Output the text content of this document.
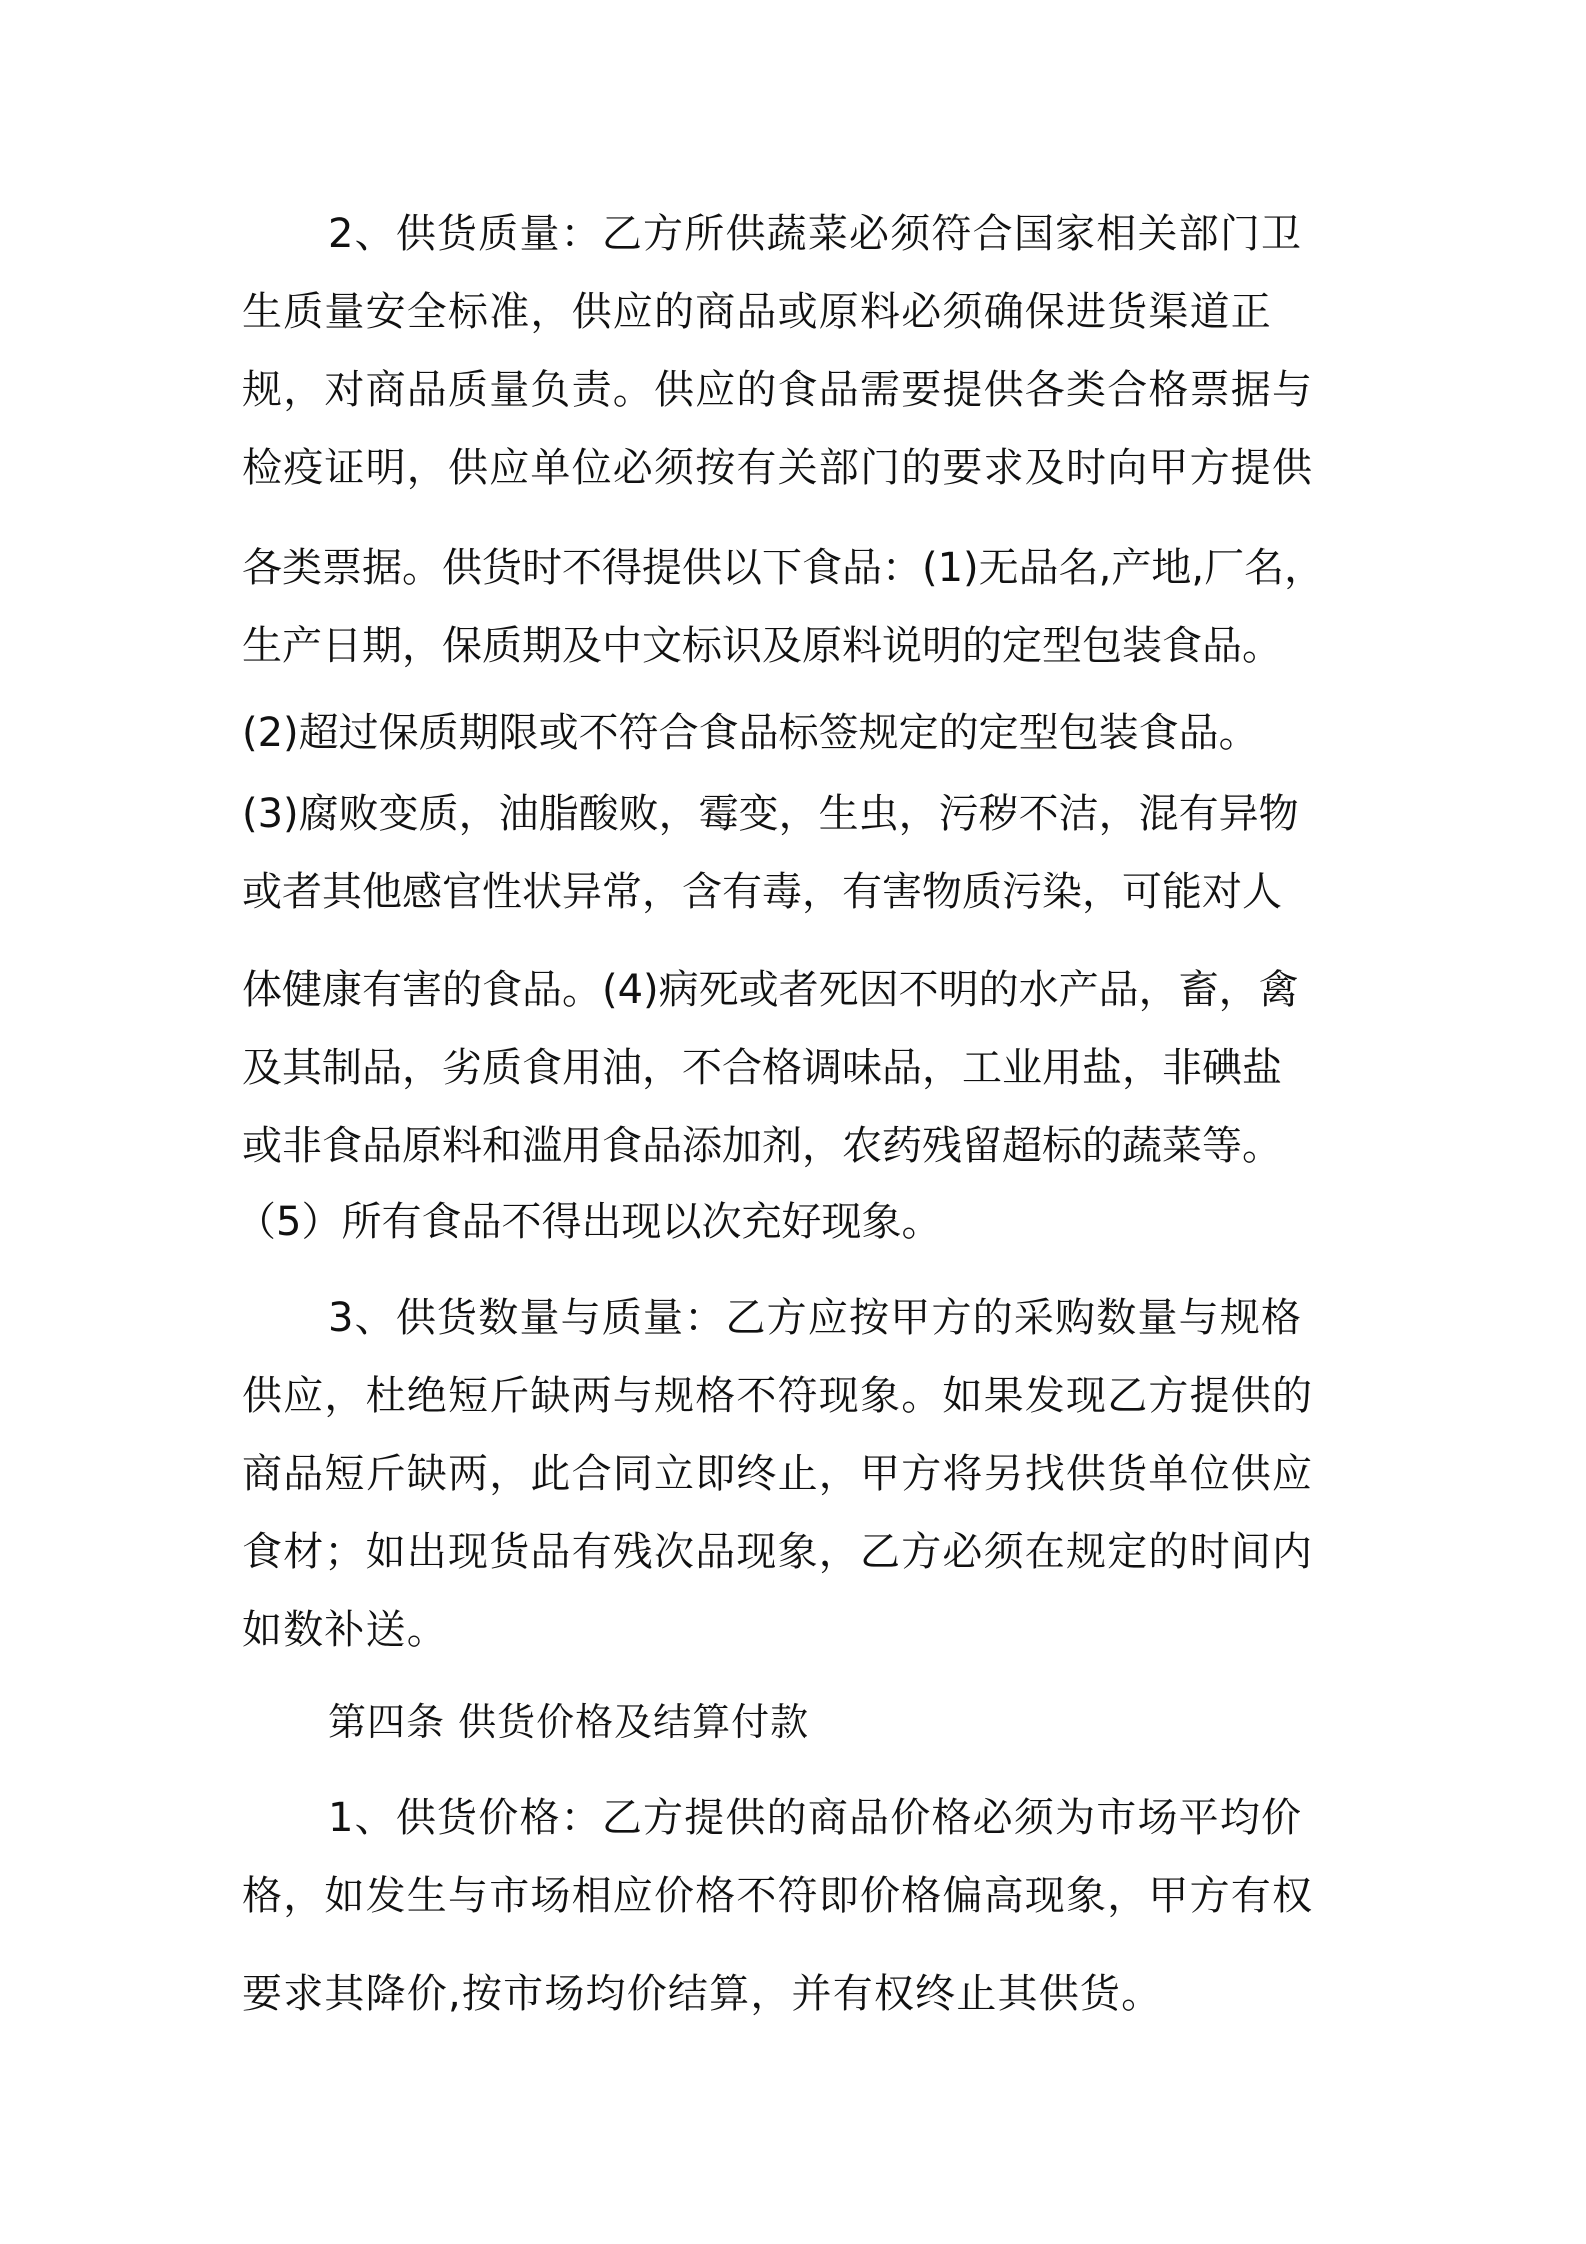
2、供货质量：乙方所供蔬菜必须符合国家相关部门卫
生质量安全标准，供应的商品或原料必须确保进货渠道正
规，对商品质量负责。供应的食品需要提供各类合格票据与
检疫证明，供应单位必须按有关部门的要求及时向甲方提供
各类票据。供货时不得提供以下食品：(1)无品名,产地,厂名，
生产日期，保质期及中文标识及原料说明的定型包装食品。
(2)超过保质期限或不符合食品标签规定的定型包装食品。
(3)腐败变质，油脂酸败，霉变，生虫，污秽不洁，混有异物
或者其他感官性状异常，含有毒，有害物质污染，可能对人
体健康有害的食品。(4)病死或者死因不明的水产品，畜，禽
及其制品，劣质食用油，不合格调味品，工业用盐，非碘盐
或非食品原料和滥用食品添加剂，农药残留超标的蔬菜等。
（5）所有食品不得出现以次充好现象。
3、供货数量与质量：乙方应按甲方的采购数量与规格
供应，杜绝短斤缺两与规格不符现象。如果发现乙方提供的
商品短斤缺两，此合同立即终止，甲方将另找供货单位供应
食材；如出现货品有残次品现象，乙方必须在规定的时间内
如数补送。
第四条 供货价格及结算付款
1、供货价格：乙方提供的商品价格必须为市场平均价
格，如发生与市场相应价格不符即价格偏高现象，甲方有权
要求其降价,按市场均价结算，并有权终止其供货。
